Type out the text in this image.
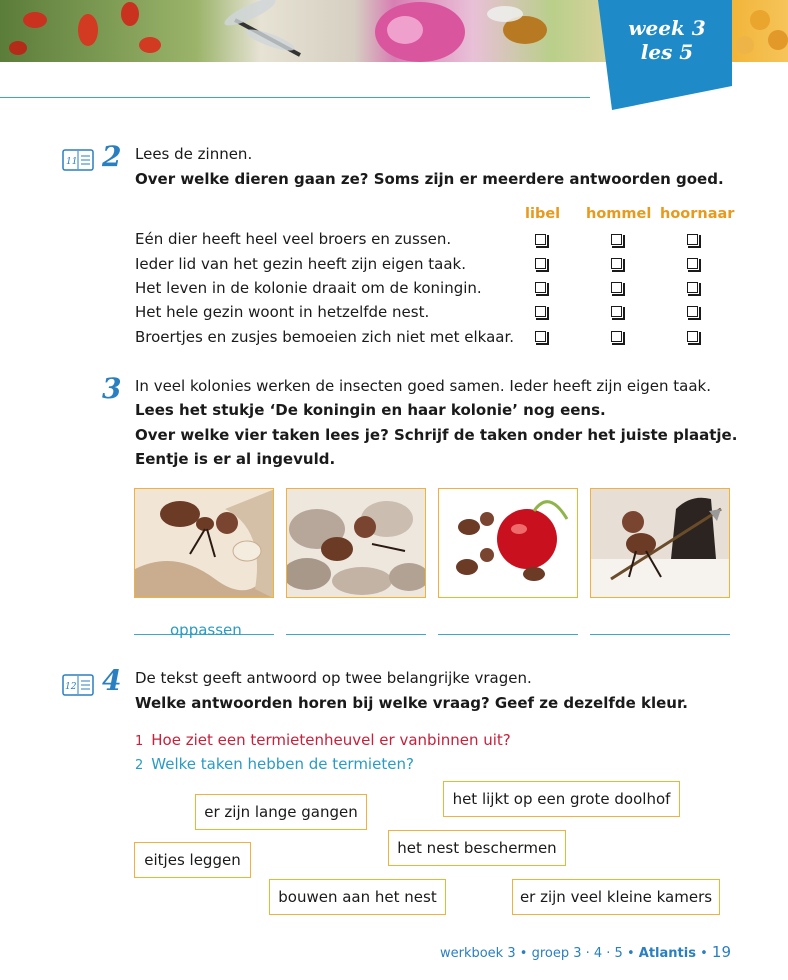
week 3
les 5
11 2 Lees de zinnen.
Over welke dieren gaan ze? Soms zijn er meerdere antwoorden goed.
libel hommel hoornaar
Eén dier heeft heel veel broers en zussen.
Ieder lid van het gezin heeft zijn eigen taak.
Het leven in de kolonie draait om de koningin.
Het hele gezin woont in hetzelfde nest.
Broertjes en zusjes bemoeien zich niet met elkaar.
3 In veel kolonies werken de insecten goed samen. Ieder heeft zijn eigen taak.
Lees het stukje ‘De koningin en haar kolonie’ nog eens.
Over welke vier taken lees je? Schrijf de taken onder het juiste plaatje.
Eentje is er al ingevuld.
oppassen
12 4 De tekst geeft antwoord op twee belangrijke vragen.
Welke antwoorden horen bij welke vraag? Geef ze dezelfde kleur.
1 Hoe ziet een termietenheuvel er vanbinnen uit?
2 Welke taken hebben de termieten?
er zijn lange gangen
het lijkt op een grote doolhof
eitjes leggen
het nest beschermen
bouwen aan het nest	er zijn veel kleine kamers
werkboek 3 • groep 3 · 4 · 5 • Atlantis • 19
